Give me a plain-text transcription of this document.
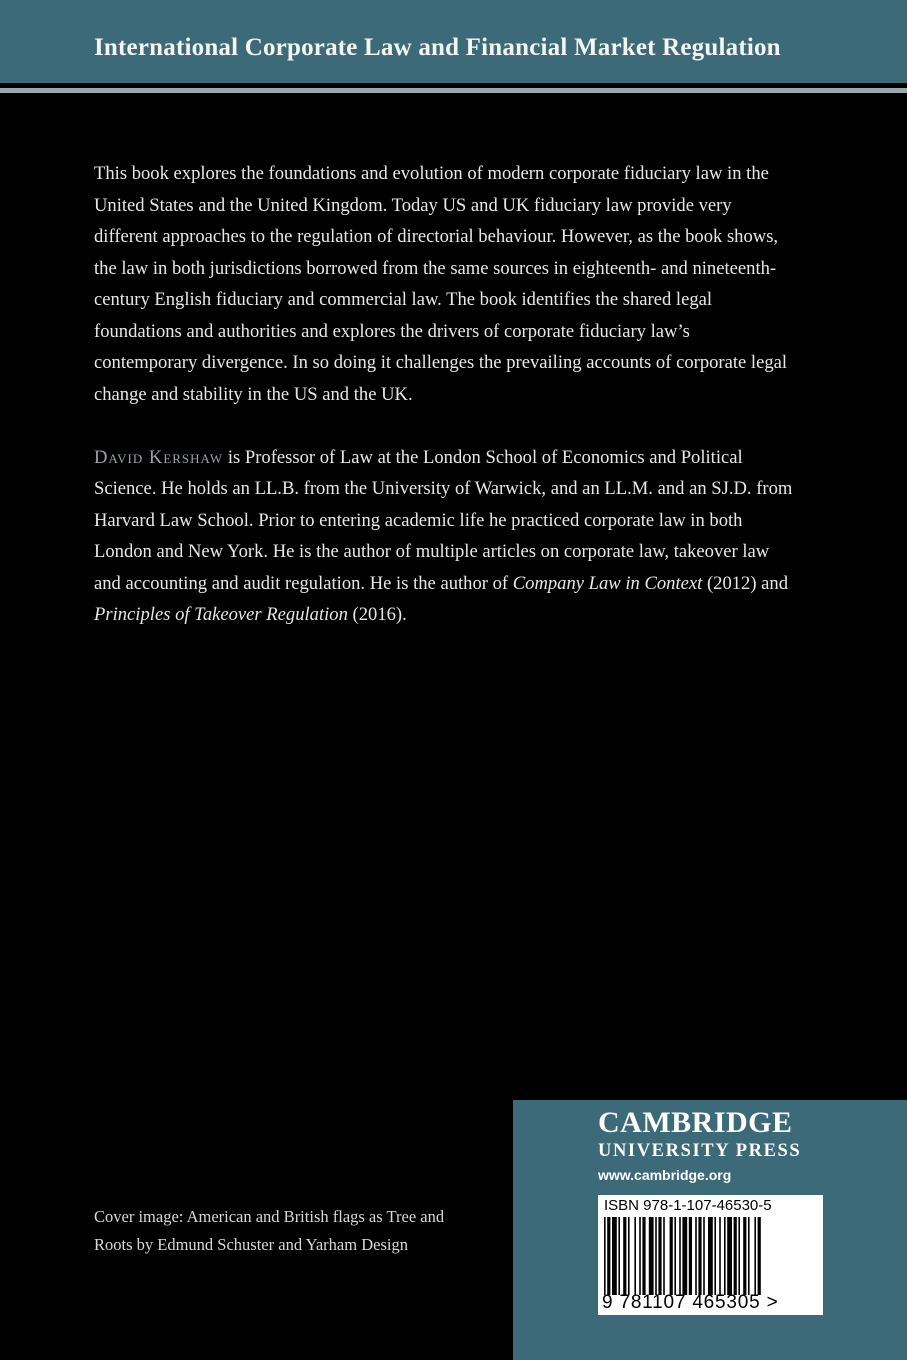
International Corporate Law and Financial Market Regulation

This book explores the foundations and evolution of modern corporate fiduciary law in the United States and the United Kingdom. Today US and UK fiduciary law provide very different approaches to the regulation of directorial behaviour. However, as the book shows, the law in both jurisdictions borrowed from the same sources in eighteenth- and nineteenth-century English fiduciary and commercial law. The book identifies the shared legal foundations and authorities and explores the drivers of corporate fiduciary law’s contemporary divergence. In so doing it challenges the prevailing accounts of corporate legal change and stability in the US and the UK.

David Kershaw is Professor of Law at the London School of Economics and Political Science. He holds an LL.B. from the University of Warwick, and an LL.M. and an SJ.D. from Harvard Law School. Prior to entering academic life he practiced corporate law in both London and New York. He is the author of multiple articles on corporate law, takeover law and accounting and audit regulation. He is the author of Company Law in Context (2012) and Principles of Takeover Regulation (2016).

Cover image: American and British flags as Tree and Roots by Edmund Schuster and Yarham Design
CAMBRIDGE
UNIVERSITY PRESS
www.cambridge.org
ISBN 978-1-107-46530-5
9 781107 465305 >
